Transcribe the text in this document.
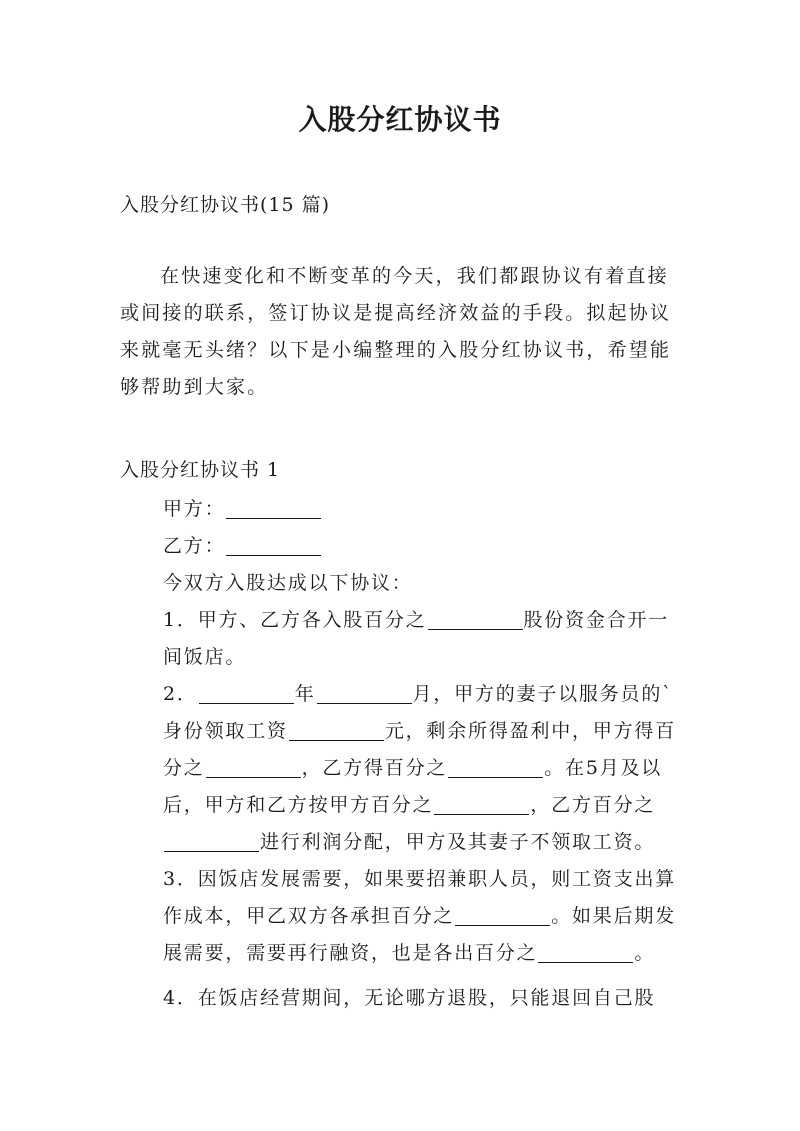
入股分红协议书
入股分红协议书(15 篇)
在快速变化和不断变革的今天，我们都跟协议有着直接或间接的联系，签订协议是提高经济效益的手段。拟起协议来就毫无头绪？以下是小编整理的入股分红协议书，希望能够帮助到大家。
入股分红协议书 1
甲方：
乙方：
今双方入股达成以下协议：
1．甲方、乙方各入股百分之	股份资金合开一间饭店。
2．	年	月，甲方的妻子以服务员的`身份领取工资	元，剩余所得盈利中，甲方得百分之	，乙方得百分之	。在5月及以后，甲方和乙方按甲方百分之	，乙方百分之进行利润分配，甲方及其妻子不领取工资。
3．因饭店发展需要，如果要招兼职人员，则工资支出算作成本，甲乙双方各承担百分之	。如果后期发展需要，需要再行融资，也是各出百分之	。
4．在饭店经营期间，无论哪方退股，只能退回自己股
